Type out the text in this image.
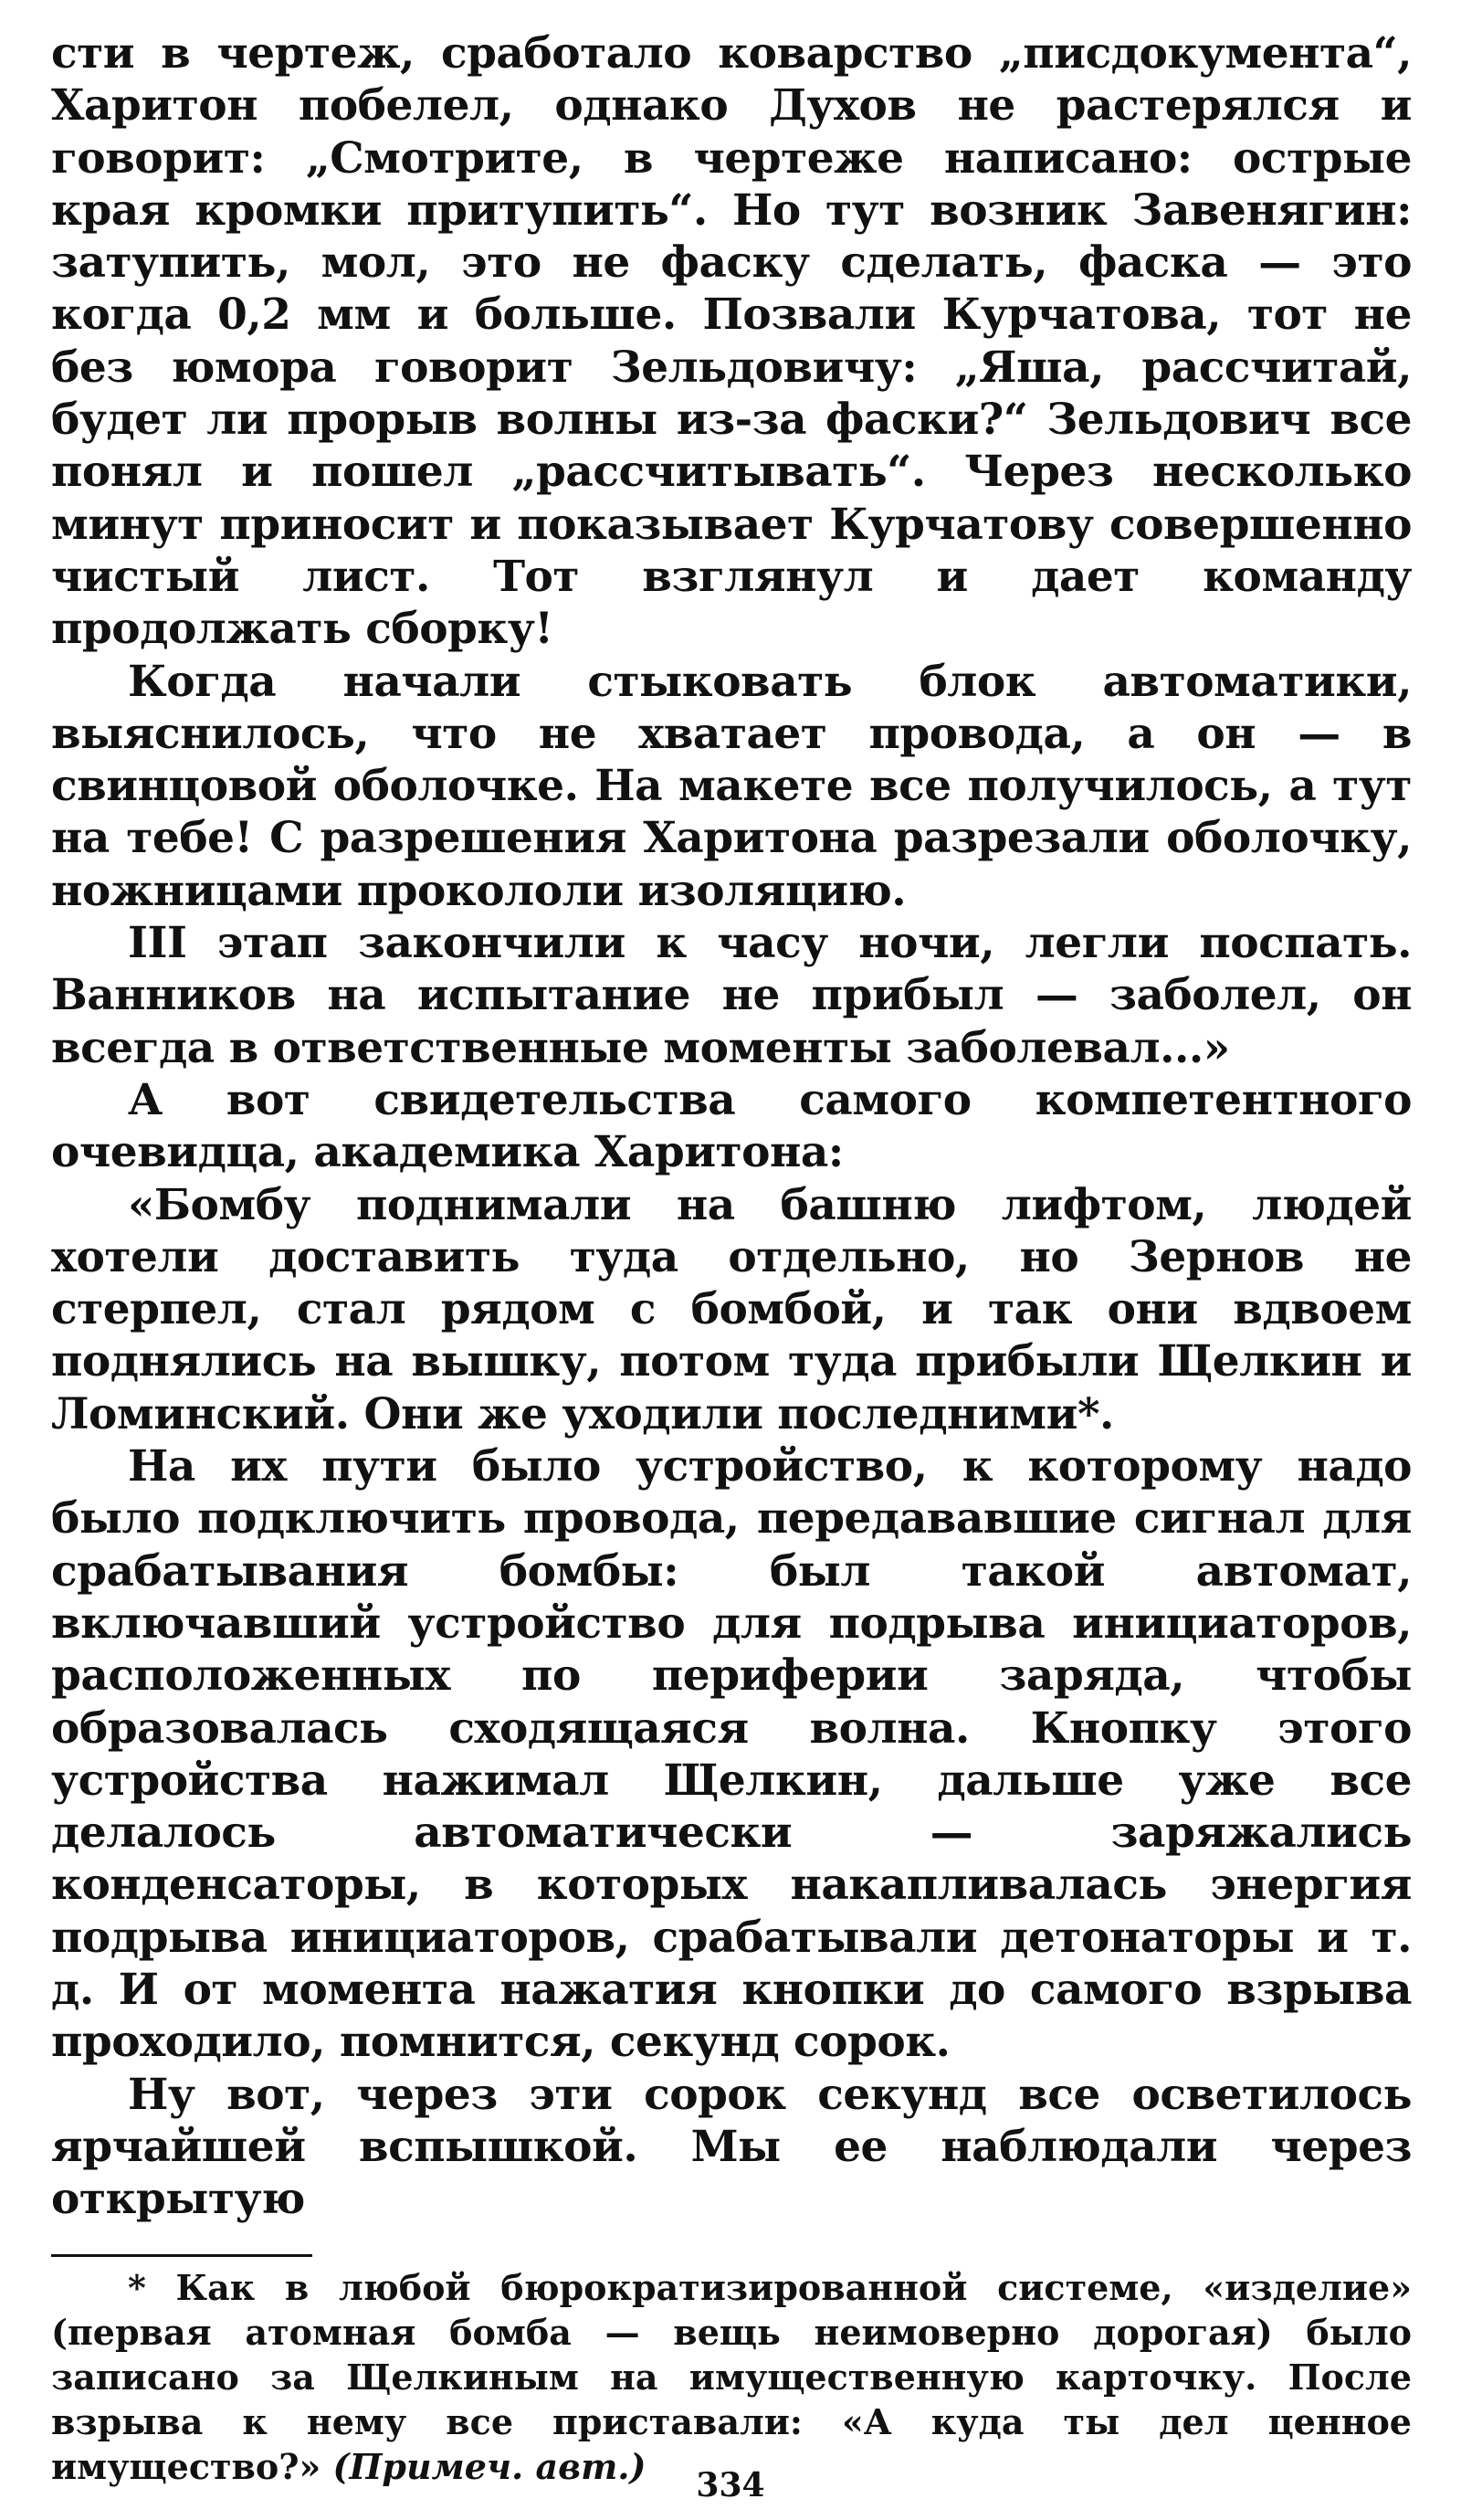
сти в чертеж, сработало коварство „писдокумента“, Харитон побелел, однако Духов не растерялся и говорит: „Смотрите, в чертеже написано: острые края кромки притупить“. Но тут возник Завенягин: затупить, мол, это не фаску сделать, фаска — это когда 0,2 мм и больше. Позвали Курчатова, тот не без юмора говорит Зельдовичу: „Яша, рассчитай, будет ли прорыв волны из-за фаски?“ Зельдович все понял и пошел „рассчитывать“. Через несколько минут приносит и показывает Курчатову совершенно чистый лист. Тот взглянул и дает команду продолжать сборку!

Когда начали стыковать блок автоматики, выяснилось, что не хватает провода, а он — в свинцовой оболочке. На макете все получилось, а тут на тебе! С разрешения Харитона разрезали оболочку, ножницами прокололи изоляцию.

III этап закончили к часу ночи, легли поспать. Ванников на испытание не прибыл — заболел, он всегда в ответственные моменты заболевал...»

А вот свидетельства самого компетентного очевидца, академика Харитона:

«Бомбу поднимали на башню лифтом, людей хотели доставить туда отдельно, но Зернов не стерпел, стал рядом с бомбой, и так они вдвоем поднялись на вышку, потом туда прибыли Щелкин и Ломинский. Они же уходили последними*.

На их пути было устройство, к которому надо было подключить провода, передававшие сигнал для срабатывания бомбы: был такой автомат, включавший устройство для подрыва инициаторов, расположенных по периферии заряда, чтобы образовалась сходящаяся волна. Кнопку этого устройства нажимал Щелкин, дальше уже все делалось автоматически — заряжались конденсаторы, в которых накапливалась энергия подрыва инициаторов, срабатывали детонаторы и т. д. И от момента нажатия кнопки до самого взрыва проходило, помнится, секунд сорок.

Ну вот, через эти сорок секунд все осветилось ярчайшей вспышкой. Мы ее наблюдали через открытую

* Как в любой бюрократизированной системе, «изделие» (первая атомная бомба — вещь неимоверно дорогая) было записано за Щелкиным на имущественную карточку. После взрыва к нему все приставали: «А куда ты дел ценное имущество?» (Примеч. авт.)	334
